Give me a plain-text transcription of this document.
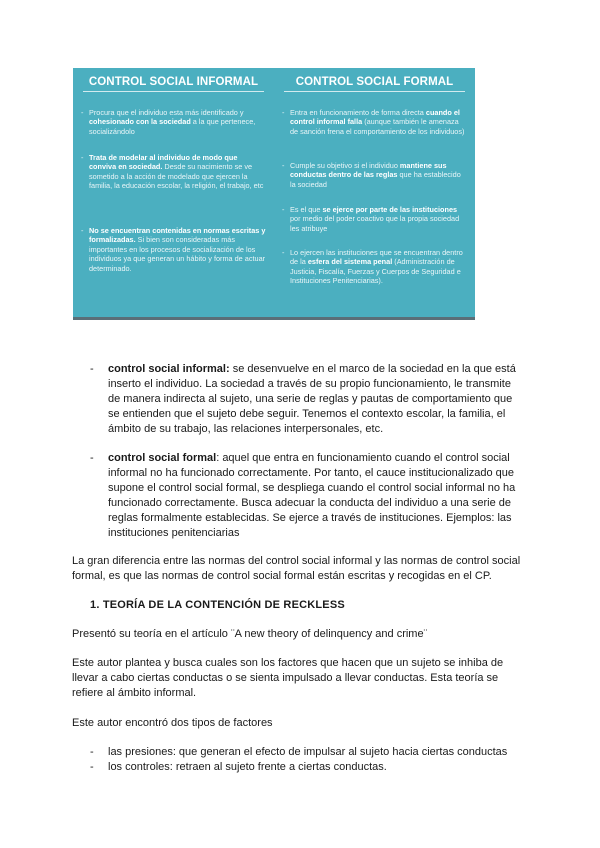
CONTROL SOCIAL INFORMAL
- Procura que el individuo esta más identificado y cohesionado con la sociedad a la que pertenece, socializándolo
- Trata de modelar al individuo de modo que conviva en sociedad. Desde su nacimiento se ve sometido a la acción de modelado que ejercen la familia, la educación escolar, la religión, el trabajo, etc
- No se encuentran contenidas en normas escritas y formalizadas. Si bien son consideradas más importantes en los procesos de socialización de los individuos ya que generan un hábito y forma de actuar determinado.
CONTROL SOCIAL FORMAL
- Entra en funcionamiento de forma directa cuando el control informal falla (aunque también le amenaza de sanción frena el comportamiento de los individuos)
- Cumple su objetivo si el individuo mantiene sus conductas dentro de las reglas que ha establecido la sociedad
- Es el que se ejerce por parte de las instituciones por medio del poder coactivo que la propia sociedad les atribuye
- Lo ejercen las instituciones que se encuentran dentro de la esfera del sistema penal (Administración de Justicia, Fiscalía, Fuerzas y Cuerpos de Seguridad e Instituciones Penitenciarias).
- control social informal: se desenvuelve en el marco de la sociedad en la que está
inserto el individuo. La sociedad a través de su propio funcionamiento, le transmite
de manera indirecta al sujeto, una serie de reglas y pautas de comportamiento que
se entienden que el sujeto debe seguir. Tenemos el contexto escolar, la familia, el
ámbito de su trabajo, las relaciones interpersonales, etc.
- control social formal: aquel que entra en funcionamiento cuando el control social
informal no ha funcionado correctamente. Por tanto, el cauce institucionalizado que
supone el control social formal, se despliega cuando el control social informal no ha
funcionado correctamente. Busca adecuar la conducta del individuo a una serie de
reglas formalmente establecidas. Se ejerce a través de instituciones. Ejemplos: las
instituciones penitenciarias
La gran diferencia entre las normas del control social informal y las normas de control social
formal, es que las normas de control social formal están escritas y recogidas en el CP.
1. TEORÍA DE LA CONTENCIÓN DE RECKLESS
Presentó su teoría en el artículo ¨A new theory of delinquency and crime¨
Este autor plantea y busca cuales son los factores que hacen que un sujeto se inhiba de
llevar a cabo ciertas conductas o se sienta impulsado a llevar conductas. Esta teoría se
refiere al ámbito informal.
Este autor encontró dos tipos de factores
- las presiones: que generan el efecto de impulsar al sujeto hacia ciertas conductas
- los controles: retraen al sujeto frente a ciertas conductas.
